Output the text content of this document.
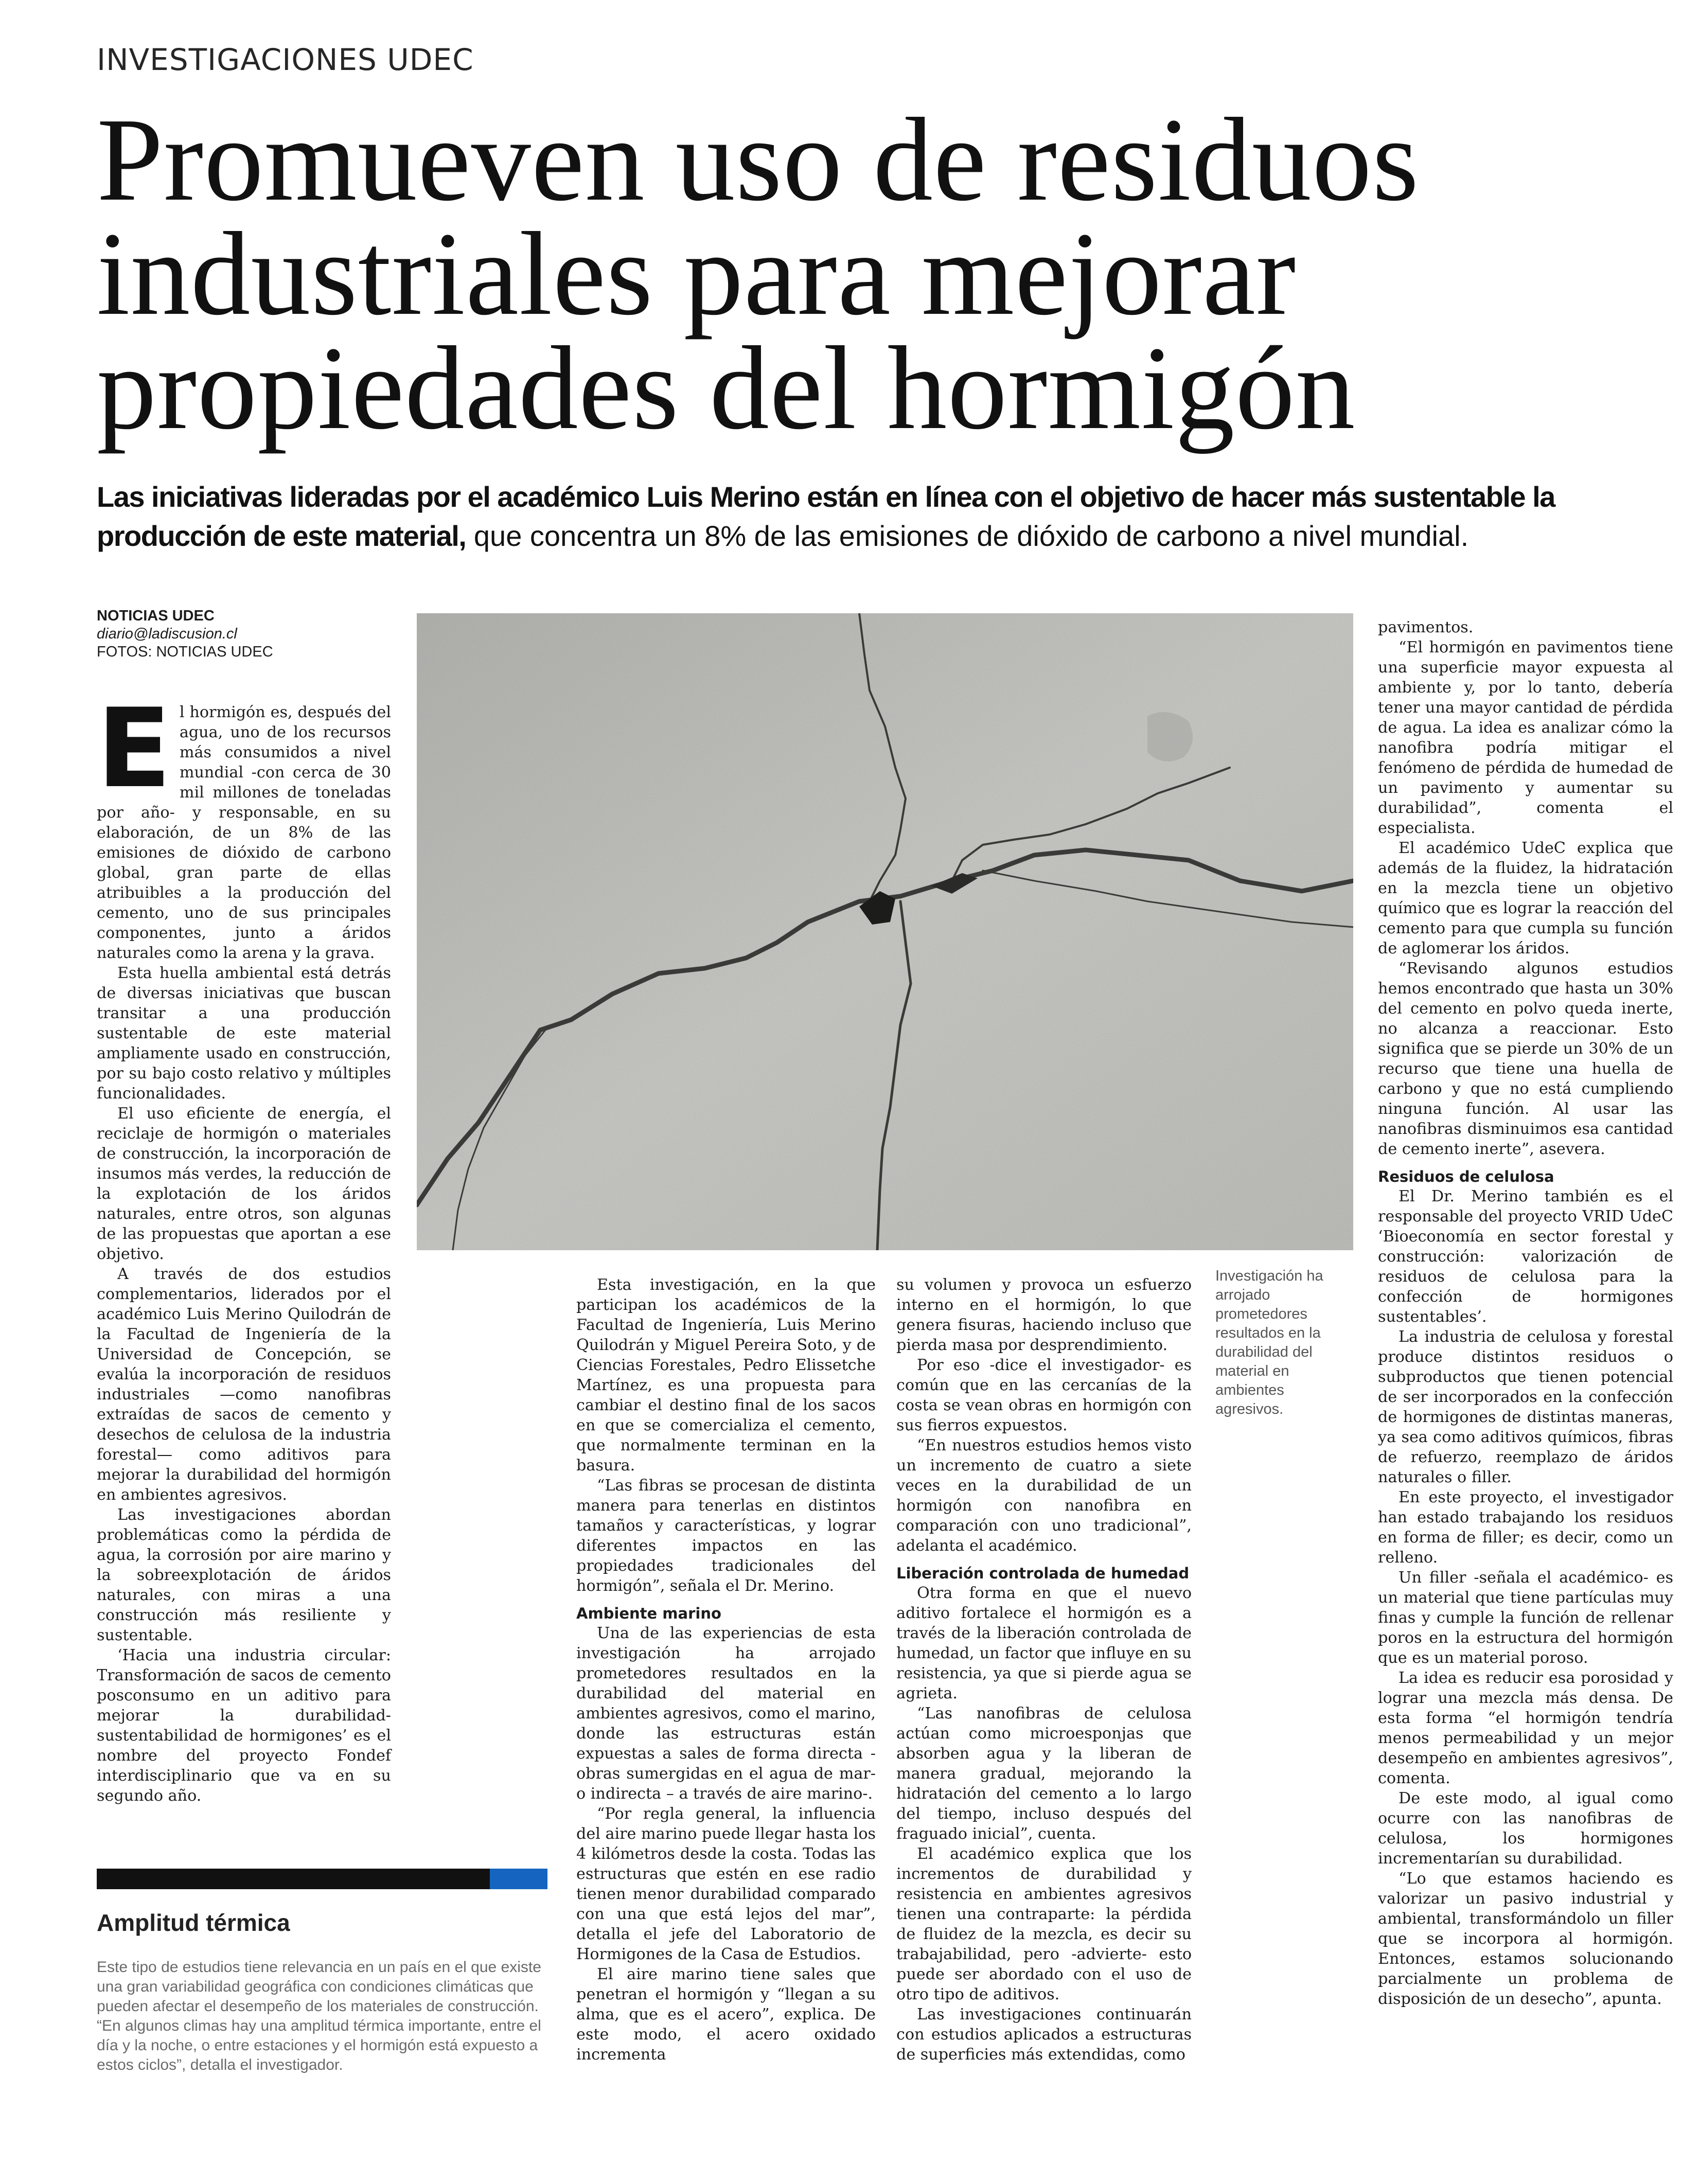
INVESTIGACIONES UDEC
Promueven uso de residuos
industriales para mejorar
propiedades del hormigón
Las iniciativas lideradas por el académico Luis Merino están en línea con el objetivo de hacer más sustentable la producción de este material, que concentra un 8% de las emisiones de dióxido de carbono a nivel mundial.
NOTICIAS UDEC
diario@ladiscusion.cl
FOTOS: NOTICIAS UDEC

El hormigón es, después del agua, uno de los recursos más consumidos a nivel mundial -con cerca de 30 mil millones de toneladas por año- y responsable, en su elaboración, de un 8% de las emisiones de dióxido de carbono global, gran parte de ellas atribuibles a la producción del cemento, uno de sus principales componentes, junto a áridos naturales como la arena y la grava.

Esta huella ambiental está detrás de diversas iniciativas que buscan transitar a una producción sustentable de este material ampliamente usado en construcción, por su bajo costo relativo y múltiples funcionalidades.

El uso eficiente de energía, el reciclaje de hormigón o materiales de construcción, la incorporación de insumos más verdes, la reducción de la explotación de los áridos naturales, entre otros, son algunas de las propuestas que aportan a ese objetivo.

A través de dos estudios complementarios, liderados por el académico Luis Merino Quilodrán de la Facultad de Ingeniería de la Universidad de Concepción, se evalúa la incorporación de residuos industriales —como nanofibras extraídas de sacos de cemento y desechos de celulosa de la industria forestal— como aditivos para mejorar la durabilidad del hormigón en ambientes agresivos.

Las investigaciones abordan problemáticas como la pérdida de agua, la corrosión por aire marino y la sobreexplotación de áridos naturales, con miras a una construcción más resiliente y sustentable.

‘Hacia una industria circular: Transformación de sacos de cemento posconsumo en un aditivo para mejorar la durabilidad-sustentabilidad de hormigones’ es el nombre del proyecto Fondef interdisciplinario que va en su segundo año.

Investigación ha arrojado prometedores resultados en la durabilidad del material en ambientes agresivos.

Esta investigación, en la que participan los académicos de la Facultad de Ingeniería, Luis Merino Quilodrán y Miguel Pereira Soto, y de Ciencias Forestales, Pedro Elissetche Martínez, es una propuesta para cambiar el destino final de los sacos en que se comercializa el cemento, que normalmente terminan en la basura.

“Las fibras se procesan de distinta manera para tenerlas en distintos tamaños y características, y lograr diferentes impactos en las propiedades tradicionales del hormigón”, señala el Dr. Merino.

Ambiente marino

Una de las experiencias de esta investigación ha arrojado prometedores resultados en la durabilidad del material en ambientes agresivos, como el marino, donde las estructuras están expuestas a sales de forma directa -obras sumergidas en el agua de mar- o indirecta – a través de aire marino-.

“Por regla general, la influencia del aire marino puede llegar hasta los 4 kilómetros desde la costa. Todas las estructuras que estén en ese radio tienen menor durabilidad comparado con una que está lejos del mar”, detalla el jefe del Laboratorio de Hormigones de la Casa de Estudios.

El aire marino tiene sales que penetran el hormigón y “llegan a su alma, que es el acero”, explica. De este modo, el acero oxidado incrementa

su volumen y provoca un esfuerzo interno en el hormigón, lo que genera fisuras, haciendo incluso que pierda masa por desprendimiento.

Por eso -dice el investigador- es común que en las cercanías de la costa se vean obras en hormigón con sus fierros expuestos.

“En nuestros estudios hemos visto un incremento de cuatro a siete veces en la durabilidad de un hormigón con nanofibra en comparación con uno tradicional”, adelanta el académico.

Liberación controlada de humedad

Otra forma en que el nuevo aditivo fortalece el hormigón es a través de la liberación controlada de humedad, un factor que influye en su resistencia, ya que si pierde agua se agrieta.

“Las nanofibras de celulosa actúan como microesponjas que absorben agua y la liberan de manera gradual, mejorando la hidratación del cemento a lo largo del tiempo, incluso después del fraguado inicial”, cuenta.

El académico explica que los incrementos de durabilidad y resistencia en ambientes agresivos tienen una contraparte: la pérdida de fluidez de la mezcla, es decir su trabajabilidad, pero -advierte- esto puede ser abordado con el uso de otro tipo de aditivos.

Las investigaciones continuarán con estudios aplicados a estructuras de superficies más extendidas, como

pavimentos.

“El hormigón en pavimentos tiene una superficie mayor expuesta al ambiente y, por lo tanto, debería tener una mayor cantidad de pérdida de agua. La idea es analizar cómo la nanofibra podría mitigar el fenómeno de pérdida de humedad de un pavimento y aumentar su durabilidad”, comenta el especialista.

El académico UdeC explica que además de la fluidez, la hidratación en la mezcla tiene un objetivo químico que es lograr la reacción del cemento para que cumpla su función de aglomerar los áridos.

“Revisando algunos estudios hemos encontrado que hasta un 30% del cemento en polvo queda inerte, no alcanza a reaccionar. Esto significa que se pierde un 30% de un recurso que tiene una huella de carbono y que no está cumpliendo ninguna función. Al usar las nanofibras disminuimos esa cantidad de cemento inerte”, asevera.

Residuos de celulosa

El Dr. Merino también es el responsable del proyecto VRID UdeC ‘Bioeconomía en sector forestal y construcción: valorización de residuos de celulosa para la confección de hormigones sustentables’.

La industria de celulosa y forestal produce distintos residuos o subproductos que tienen potencial de ser incorporados en la confección de hormigones de distintas maneras, ya sea como aditivos químicos, fibras de refuerzo, reemplazo de áridos naturales o filler.

En este proyecto, el investigador han estado trabajando los residuos en forma de filler; es decir, como un relleno.

Un filler -señala el académico- es un material que tiene partículas muy finas y cumple la función de rellenar poros en la estructura del hormigón que es un material poroso.

La idea es reducir esa porosidad y lograr una mezcla más densa. De esta forma “el hormigón tendría menos permeabilidad y un mejor desempeño en ambientes agresivos”, comenta.

De este modo, al igual como ocurre con las nanofibras de celulosa, los hormigones incrementarían su durabilidad.

“Lo que estamos haciendo es valorizar un pasivo industrial y ambiental, transformándolo un filler que se incorpora al hormigón. Entonces, estamos solucionando parcialmente un problema de disposición de un desecho”, apunta.

Amplitud térmica

Este tipo de estudios tiene relevancia en un país en el que existe una gran variabilidad geográfica con condiciones climáticas que pueden afectar el desempeño de los materiales de construcción.

“En algunos climas hay una amplitud térmica importante, entre el día y la noche, o entre estaciones y el hormigón está expuesto a estos ciclos”, detalla el investigador.
